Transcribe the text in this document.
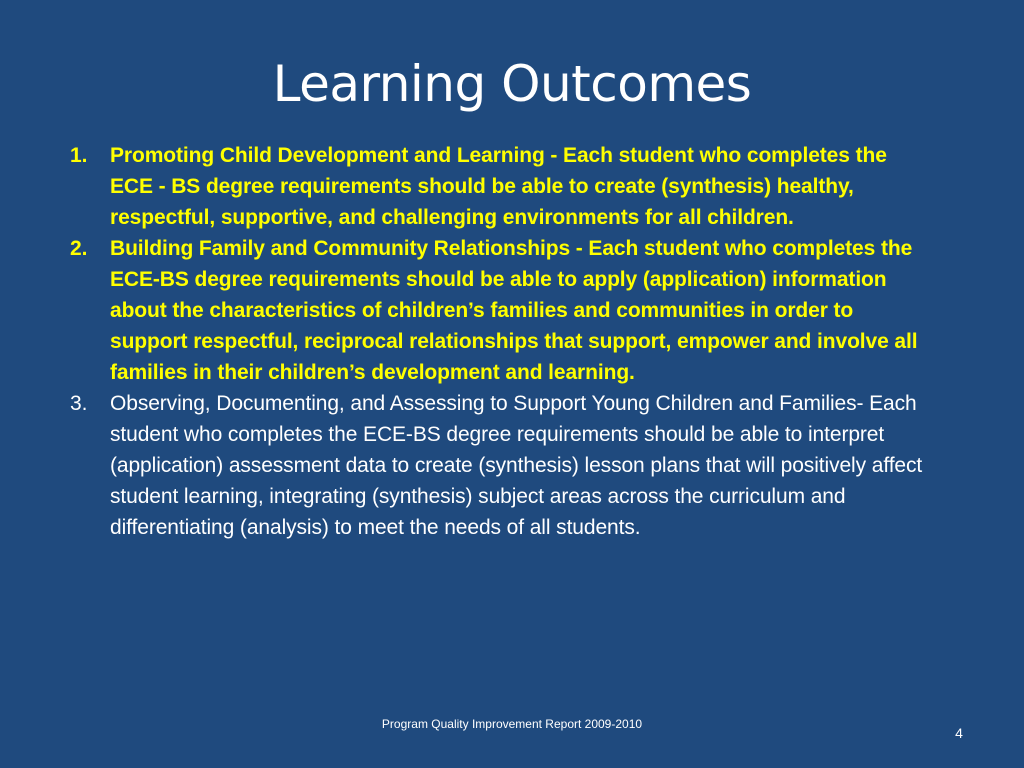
Learning Outcomes
1. Promoting Child Development and Learning - Each student who completes the ECE - BS degree requirements should be able to create (synthesis) healthy, respectful, supportive, and challenging environments for all children.
2. Building Family and Community Relationships - Each student who completes the ECE-BS degree requirements should be able to apply (application) information about the characteristics of children’s families and communities in order to support respectful, reciprocal relationships that support, empower and involve all families in their children’s development and learning.
3. Observing, Documenting, and Assessing to Support Young Children and Families- Each student who completes the ECE-BS degree requirements should be able to interpret (application) assessment data to create (synthesis) lesson plans that will positively affect student learning, integrating (synthesis) subject areas across the curriculum and differentiating (analysis) to meet the needs of all students.
Program Quality Improvement Report 2009-2010
4
